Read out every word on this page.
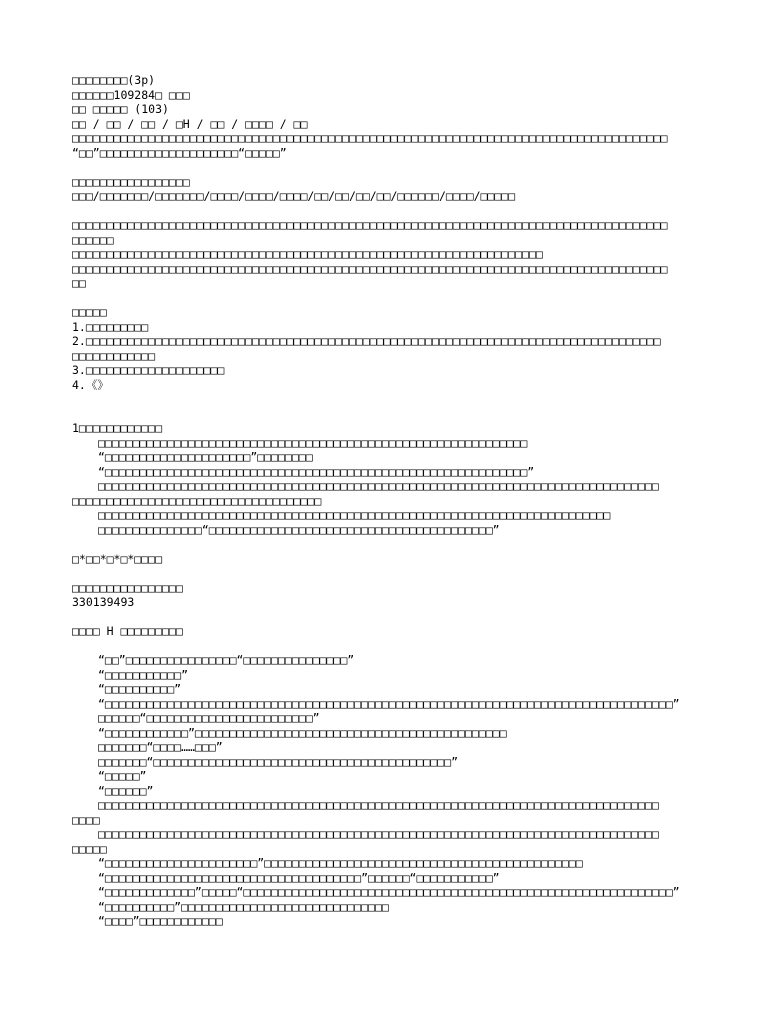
□□□□□□□□(3p)
□□□□□□109284□ □□□
□□ □□□□□ (103)
□□ / □□ / □□ / □H / □□ / □□□□ / □□
□□□□□□□□□□□□□□□□□□□□□□□□□□□□□□□□□□□□□□□□□□□□□□□□□□□□□□□□□□□□□□□□□□□□□□□□□□□□□□□□□□□□□□
“□□”□□□□□□□□□□□□□□□□□□□□“□□□□□”
□□□□□□□□□□□□□□□□□
□□□/□□□□□□□/□□□□□□□/□□□□/□□□□/□□□□/□□/□□/□□/□□/□□□□□□/□□□□/□□□□□
□□□□□□□□□□□□□□□□□□□□□□□□□□□□□□□□□□□□□□□□□□□□□□□□□□□□□□□□□□□□□□□□□□□□□□□□□□□□□□□□□□□□□□
□□□□□□
□□□□□□□□□□□□□□□□□□□□□□□□□□□□□□□□□□□□□□□□□□□□□□□□□□□□□□□□□□□□□□□□□□□□
□□□□□□□□□□□□□□□□□□□□□□□□□□□□□□□□□□□□□□□□□□□□□□□□□□□□□□□□□□□□□□□□□□□□□□□□□□□□□□□□□□□□□□
□□
□□□□□
1.□□□□□□□□□
2.□□□□□□□□□□□□□□□□□□□□□□□□□□□□□□□□□□□□□□□□□□□□□□□□□□□□□□□□□□□□□□□□□□□□□□□□□□□□□□□□□□□
□□□□□□□□□□□□
3.□□□□□□□□□□□□□□□□□□□□
4.《》
1□□□□□□□□□□□□
□□□□□□□□□□□□□□□□□□□□□□□□□□□□□□□□□□□□□□□□□□□□□□□□□□□□□□□□□□□□□□
“□□□□□□□□□□□□□□□□□□□□□”□□□□□□□□
“□□□□□□□□□□□□□□□□□□□□□□□□□□□□□□□□□□□□□□□□□□□□□□□□□□□□□□□□□□□□□”
□□□□□□□□□□□□□□□□□□□□□□□□□□□□□□□□□□□□□□□□□□□□□□□□□□□□□□□□□□□□□□□□□□□□□□□□□□□□□□□□□
□□□□□□□□□□□□□□□□□□□□□□□□□□□□□□□□□□□□
□□□□□□□□□□□□□□□□□□□□□□□□□□□□□□□□□□□□□□□□□□□□□□□□□□□□□□□□□□□□□□□□□□□□□□□□□□
□□□□□□□□□□□□□□□“□□□□□□□□□□□□□□□□□□□□□□□□□□□□□□□□□□□□□□□□□”
□*□□*□*□*□□□□
□□□□□□□□□□□□□□□□
330139493
□□□□ H □□□□□□□□□
“□□”□□□□□□□□□□□□□□□□“□□□□□□□□□□□□□□□”
“□□□□□□□□□□□”
“□□□□□□□□□□”
“□□□□□□□□□□□□□□□□□□□□□□□□□□□□□□□□□□□□□□□□□□□□□□□□□□□□□□□□□□□□□□□□□□□□□□□□□□□□□□□□□□”
□□□□□□“□□□□□□□□□□□□□□□□□□□□□□□□”
“□□□□□□□□□□□□”□□□□□□□□□□□□□□□□□□□□□□□□□□□□□□□□□□□□□□□□□□□□□
□□□□□□□“□□□□……□□□”
□□□□□□□“□□□□□□□□□□□□□□□□□□□□□□□□□□□□□□□□□□□□□□□□□□□”
“□□□□□”
“□□□□□□”
□□□□□□□□□□□□□□□□□□□□□□□□□□□□□□□□□□□□□□□□□□□□□□□□□□□□□□□□□□□□□□□□□□□□□□□□□□□□□□□□□
□□□□
□□□□□□□□□□□□□□□□□□□□□□□□□□□□□□□□□□□□□□□□□□□□□□□□□□□□□□□□□□□□□□□□□□□□□□□□□□□□□□□□□
□□□□□
“□□□□□□□□□□□□□□□□□□□□□□”□□□□□□□□□□□□□□□□□□□□□□□□□□□□□□□□□□□□□□□□□□□□□□
“□□□□□□□□□□□□□□□□□□□□□□□□□□□□□□□□□□□□□”□□□□□□“□□□□□□□□□□□”
“□□□□□□□□□□□□□”□□□□□“□□□□□□□□□□□□□□□□□□□□□□□□□□□□□□□□□□□□□□□□□□□□□□□□□□□□□□□□□□□□□□”
“□□□□□□□□□□”□□□□□□□□□□□□□□□□□□□□□□□□□□□□□□
“□□□□”□□□□□□□□□□□□
